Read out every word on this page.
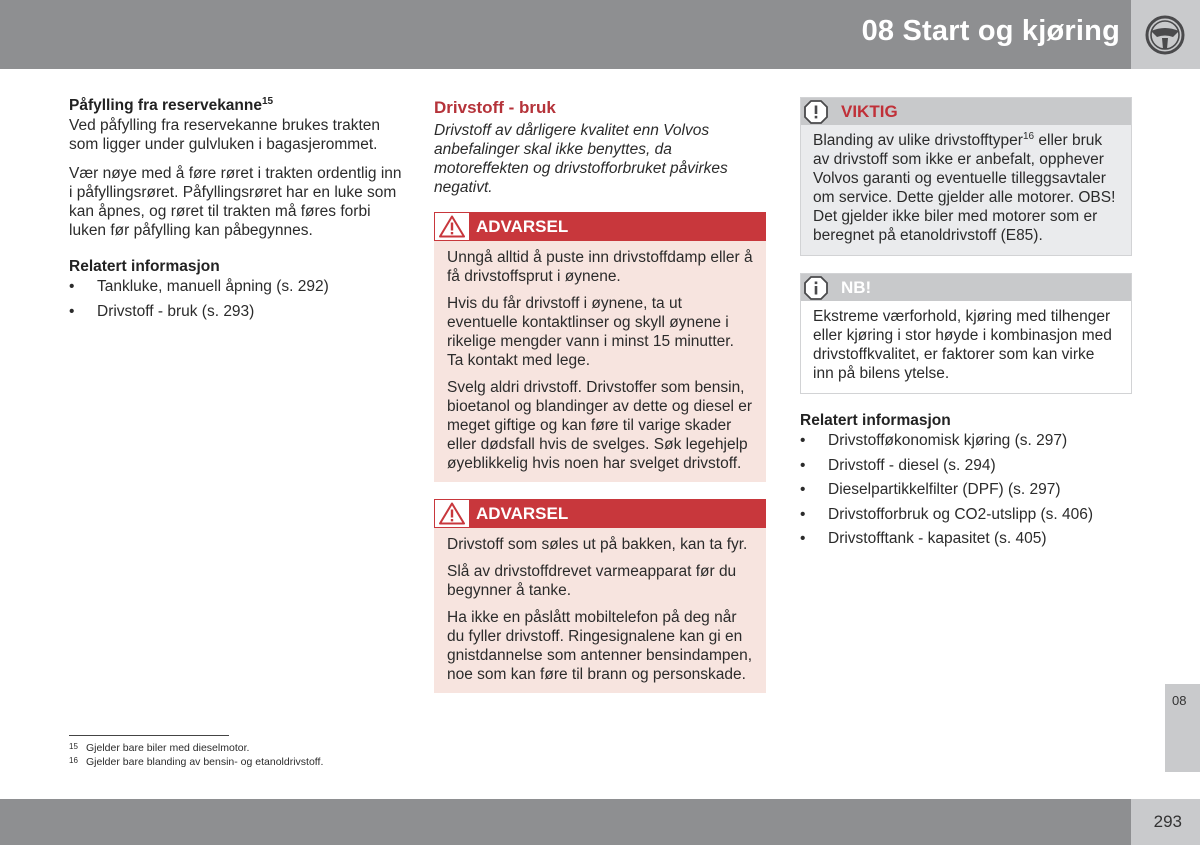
08 Start og kjøring
Påfylling fra reservekanne$^{15}$

Ved påfylling fra reservekanne brukes trakten som ligger under gulvluken i bagasjerommet.

Vær nøye med å føre røret i trakten ordentlig inn i påfyllingsrøret. Påfyllingsrøret har en luke som kan åpnes, og røret til trakten må føres forbi luken før påfylling kan påbegynnes.

Relatert informasjon
• Tankluke, manuell åpning (s. 292)
• Drivstoff - bruk (s. 293)
Drivstoff - bruk

Drivstoff av dårligere kvalitet enn Volvos anbefalinger skal ikke benyttes, da motoreffekten og drivstofforbruket påvirkes negativt.

ADVARSEL

Unngå alltid å puste inn drivstoffdamp eller å få drivstoffsprut i øynene.

Hvis du får drivstoff i øynene, ta ut eventuelle kontaktlinser og skyll øynene i rikelige mengder vann i minst 15 minutter. Ta kontakt med lege.

Svelg aldri drivstoff. Drivstoffer som bensin, bioetanol og blandinger av dette og diesel er meget giftige og kan føre til varige skader eller dødsfall hvis de svelges. Søk legehjelp øyeblikkelig hvis noen har svelget drivstoff.

ADVARSEL

Drivstoff som søles ut på bakken, kan ta fyr.

Slå av drivstoffdrevet varmeapparat før du begynner å tanke.

Ha ikke en påslått mobiltelefon på deg når du fyller drivstoff. Ringesignalene kan gi en gnistdannelse som antenner bensindampen, noe som kan føre til brann og personskade.

VIKTIG
Blanding av ulike drivstofftyper$^{16}$ eller bruk av drivstoff som ikke er anbefalt, opphever Volvos garanti og eventuelle tilleggsavtaler om service. Dette gjelder alle motorer. OBS! Det gjelder ikke biler med motorer som er beregnet på etanoldrivstoff (E85).
NB!
Ekstreme værforhold, kjøring med tilhenger eller kjøring i stor høyde i kombinasjon med drivstoffkvalitet, er faktorer som kan virke inn på bilens ytelse.
Relatert informasjon
• Drivstofføkonomisk kjøring (s. 297)
• Drivstoff - diesel (s. 294)
• Dieselpartikkelfilter (DPF) (s. 297)
• Drivstofforbruk og CO2-utslipp (s. 406)
• Drivstofftank - kapasitet (s. 405)
$^{15}$ Gjelder bare biler med dieselmotor.
$^{16}$ Gjelder bare blanding av bensin- og etanoldrivstoff.
08
293
